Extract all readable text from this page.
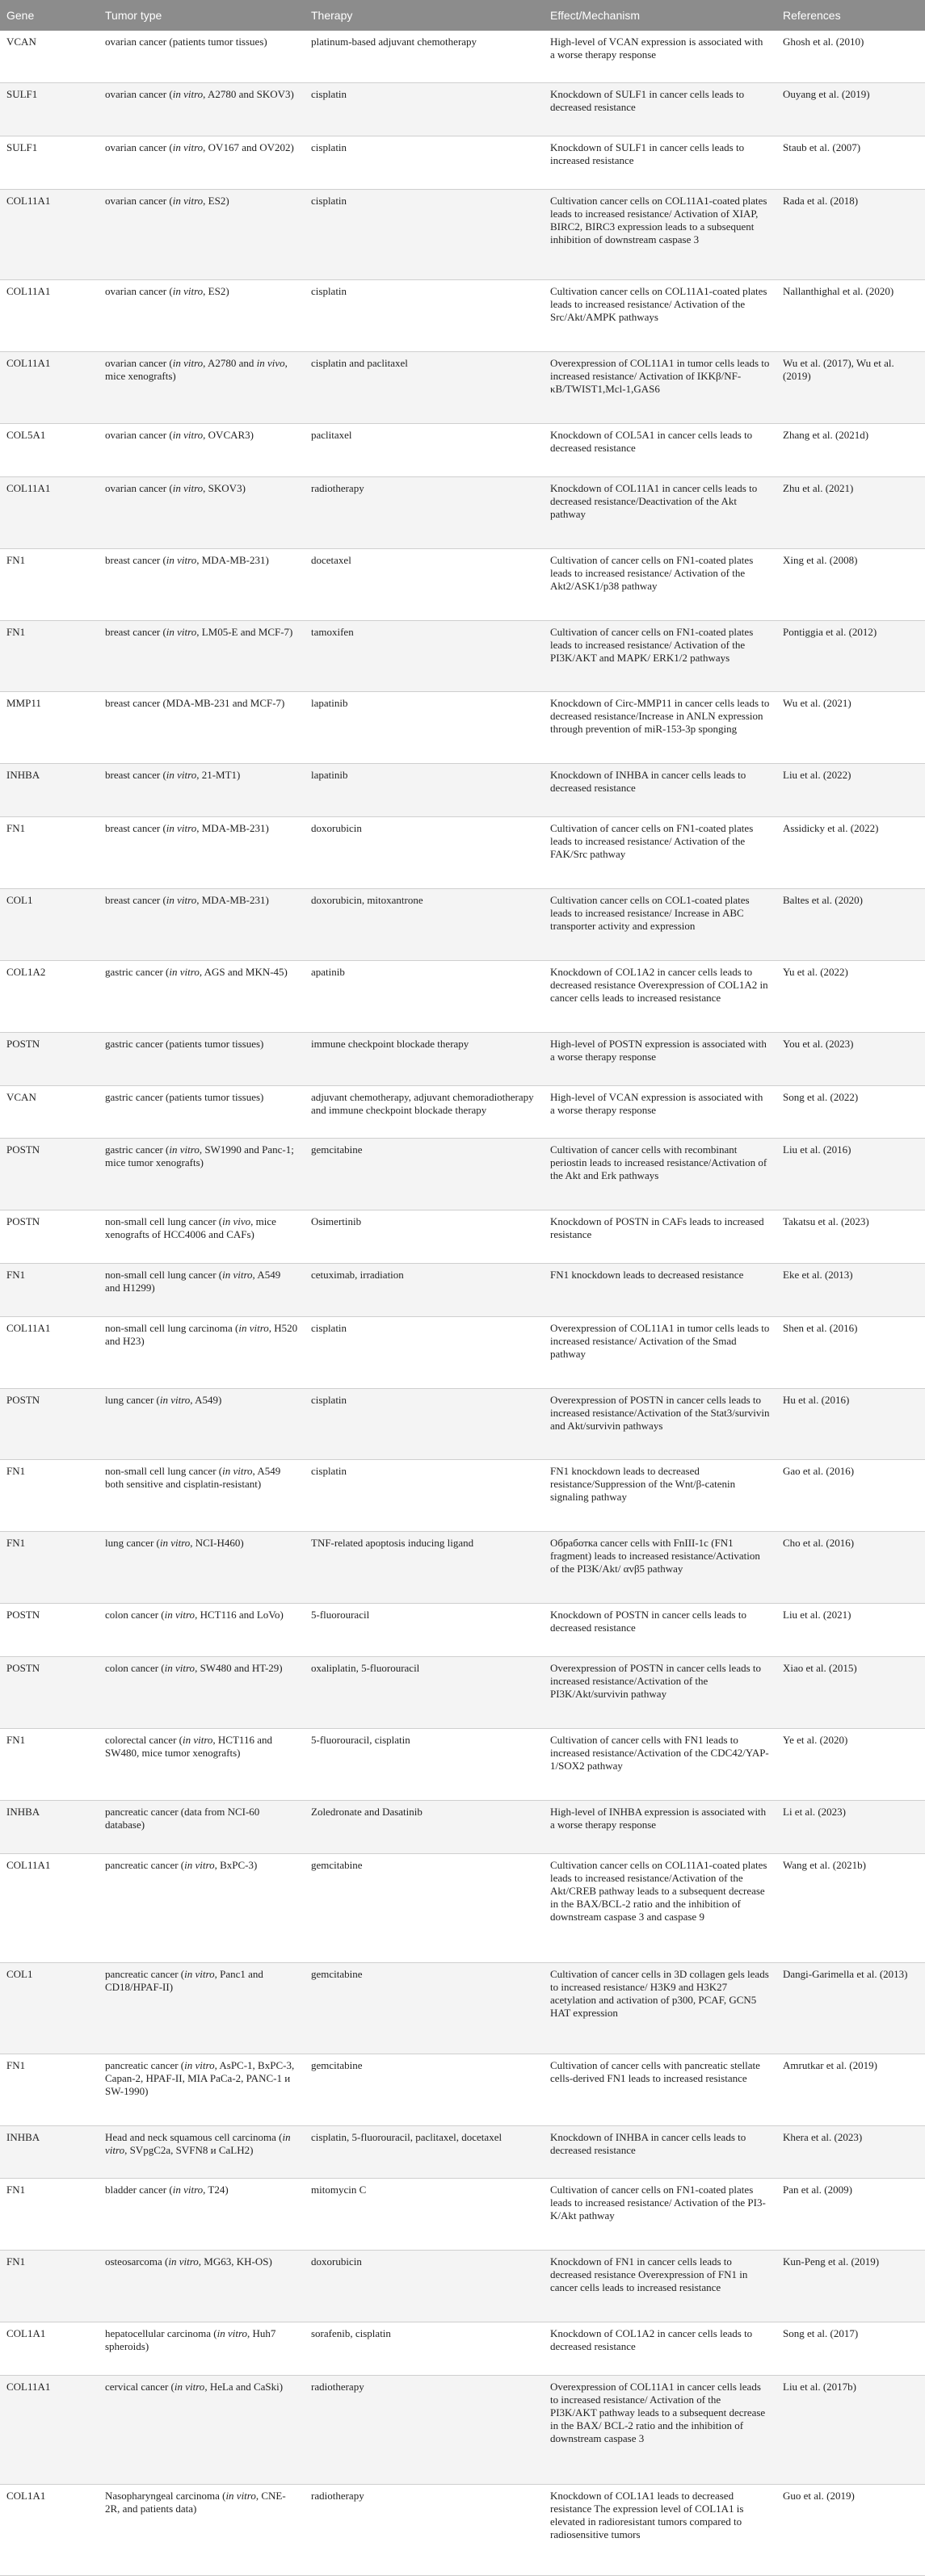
Gene	Tumor type	Therapy	Effect/Mechanism	References
VCAN	ovarian cancer (patients tumor tissues)	platinum-based adjuvant chemotherapy	High-level of VCAN expression is associated with a worse therapy response	Ghosh et al. (2010)
SULF1	ovarian cancer (in vitro, A2780 and SKOV3)	cisplatin	Knockdown of SULF1 in cancer cells leads to decreased resistance	Ouyang et al. (2019)
SULF1	ovarian cancer (in vitro, OV167 and OV202)	cisplatin	Knockdown of SULF1 in cancer cells leads to increased resistance	Staub et al. (2007)
COL11A1	ovarian cancer (in vitro, ES2)	cisplatin	Cultivation cancer cells on COL11A1-coated plates leads to increased resistance/ Activation of XIAP, BIRC2, BIRC3 expression leads to a subsequent inhibition of downstream caspase 3	Rada et al. (2018)
COL11A1	ovarian cancer (in vitro, ES2)	cisplatin	Cultivation cancer cells on COL11A1-coated plates leads to increased resistance/ Activation of the Src/Akt/AMPK pathways	Nallanthighal et al. (2020)
COL11A1	ovarian cancer (in vitro, A2780 and in vivo, mice xenografts)	cisplatin and paclitaxel	Overexpression of COL11A1 in tumor cells leads to increased resistance/ Activation of IKKβ/NF-κB/TWIST1,Mcl-1,GAS6	Wu et al. (2017), Wu et al. (2019)
COL5A1	ovarian cancer (in vitro, OVCAR3)	paclitaxel	Knockdown of COL5A1 in cancer cells leads to decreased resistance	Zhang et al. (2021d)
COL11A1	ovarian cancer (in vitro, SKOV3)	radiotherapy	Knockdown of COL11A1 in cancer cells leads to decreased resistance/Deactivation of the Akt pathway	Zhu et al. (2021)
FN1	breast cancer (in vitro, MDA-MB-231)	docetaxel	Cultivation of cancer cells on FN1-coated plates leads to increased resistance/ Activation of the Akt2/ASK1/p38 pathway	Xing et al. (2008)
FN1	breast cancer (in vitro, LM05-E and MCF-7)	tamoxifen	Cultivation of cancer cells on FN1-coated plates leads to increased resistance/ Activation of the PI3K/AKT and MAPK/ ERK1/2 pathways	Pontiggia et al. (2012)
MMP11	breast cancer (MDA-MB-231 and MCF-7)	lapatinib	Knockdown of Circ-MMP11 in cancer cells leads to decreased resistance/Increase in ANLN expression through prevention of miR-153-3p sponging	Wu et al. (2021)
INHBA	breast cancer (in vitro, 21-MT1)	lapatinib	Knockdown of INHBA in cancer cells leads to decreased resistance	Liu et al. (2022)
FN1	breast cancer (in vitro, MDA-MB-231)	doxorubicin	Cultivation of cancer cells on FN1-coated plates leads to increased resistance/ Activation of the FAK/Src pathway	Assidicky et al. (2022)
COL1	breast cancer (in vitro, MDA-MB-231)	doxorubicin, mitoxantrone	Cultivation cancer cells on COL1-coated plates leads to increased resistance/ Increase in ABC transporter activity and expression	Baltes et al. (2020)
COL1A2	gastric cancer (in vitro, AGS and MKN-45)	apatinib	Knockdown of COL1A2 in cancer cells leads to decreased resistance Overexpression of COL1A2 in cancer cells leads to increased resistance	Yu et al. (2022)
POSTN	gastric cancer (patients tumor tissues)	immune checkpoint blockade therapy	High-level of POSTN expression is associated with a worse therapy response	You et al. (2023)
VCAN	gastric cancer (patients tumor tissues)	adjuvant chemotherapy, adjuvant chemoradiotherapy and immune checkpoint blockade therapy	High-level of VCAN expression is associated with a worse therapy response	Song et al. (2022)
POSTN	gastric cancer (in vitro, SW1990 and Panc-1; mice tumor xenografts)	gemcitabine	Cultivation of cancer cells with recombinant periostin leads to increased resistance/Activation of the Akt and Erk pathways	Liu et al. (2016)
POSTN	non-small cell lung cancer (in vivo, mice xenografts of HCC4006 and CAFs)	Osimertinib	Knockdown of POSTN in CAFs leads to increased resistance	Takatsu et al. (2023)
FN1	non-small cell lung cancer (in vitro, A549 and H1299)	cetuximab, irradiation	FN1 knockdown leads to decreased resistance	Eke et al. (2013)
COL11A1	non-small cell lung carcinoma (in vitro, H520 and H23)	cisplatin	Overexpression of COL11A1 in tumor cells leads to increased resistance/ Activation of the Smad pathway	Shen et al. (2016)
POSTN	lung cancer (in vitro, A549)	cisplatin	Overexpression of POSTN in cancer cells leads to increased resistance/Activation of the Stat3/survivin and Akt/survivin pathways	Hu et al. (2016)
FN1	non-small cell lung cancer (in vitro, A549 both sensitive and cisplatin-resistant)	cisplatin	FN1 knockdown leads to decreased resistance/Suppression of the Wnt/β-catenin signaling pathway	Gao et al. (2016)
FN1	lung cancer (in vitro, NCI-H460)	TNF-related apoptosis inducing ligand	Обработка cancer cells with FnIII-1c (FN1 fragment) leads to increased resistance/Activation of the PI3K/Akt/ αvβ5 pathway	Cho et al. (2016)
POSTN	colon cancer (in vitro, HCT116 and LoVo)	5-fluorouracil	Knockdown of POSTN in cancer cells leads to decreased resistance	Liu et al. (2021)
POSTN	colon cancer (in vitro, SW480 and HT-29)	oxaliplatin, 5-fluorouracil	Overexpression of POSTN in cancer cells leads to increased resistance/Activation of the PI3K/Akt/survivin pathway	Xiao et al. (2015)
FN1	colorectal cancer (in vitro, HCT116 and SW480, mice tumor xenografts)	5-fluorouracil, cisplatin	Cultivation of cancer cells with FN1 leads to increased resistance/Activation of the CDC42/YAP-1/SOX2 pathway	Ye et al. (2020)
INHBA	pancreatic cancer (data from NCI-60 database)	Zoledronate and Dasatinib	High-level of INHBA expression is associated with a worse therapy response	Li et al. (2023)
COL11A1	pancreatic cancer (in vitro, BxPC-3)	gemcitabine	Cultivation cancer cells on COL11A1-coated plates leads to increased resistance/Activation of the Akt/CREB pathway leads to a subsequent decrease in the BAX/BCL-2 ratio and the inhibition of downstream caspase 3 and caspase 9	Wang et al. (2021b)
COL1	pancreatic cancer (in vitro, Panc1 and CD18/HPAF-II)	gemcitabine	Cultivation of cancer cells in 3D collagen gels leads to increased resistance/ H3K9 and H3K27 acetylation and activation of p300, PCAF, GCN5 HAT expression	Dangi-Garimella et al. (2013)
FN1	pancreatic cancer (in vitro, AsPC-1, BxPC-3, Capan-2, HPAF-II, MIA PaCa-2, PANC-1 и SW-1990)	gemcitabine	Cultivation of cancer cells with pancreatic stellate cells-derived FN1 leads to increased resistance	Amrutkar et al. (2019)
INHBA	Head and neck squamous cell carcinoma (in vitro, SVpgC2a, SVFN8 и CaLH2)	cisplatin, 5-fluorouracil, paclitaxel, docetaxel	Knockdown of INHBA in cancer cells leads to decreased resistance	Khera et al. (2023)
FN1	bladder cancer (in vitro, T24)	mitomycin C	Cultivation of cancer cells on FN1-coated plates leads to increased resistance/ Activation of the PI3-K/Akt pathway	Pan et al. (2009)
FN1	osteosarcoma (in vitro, MG63, KH-OS)	doxorubicin	Knockdown of FN1 in cancer cells leads to decreased resistance Overexpression of FN1 in cancer cells leads to increased resistance	Kun-Peng et al. (2019)
COL1A1	hepatocellular carcinoma (in vitro, Huh7 spheroids)	sorafenib, cisplatin	Knockdown of COL1A2 in cancer cells leads to decreased resistance	Song et al. (2017)
COL11A1	cervical cancer (in vitro, HeLa and CaSki)	radiotherapy	Overexpression of COL11A1 in cancer cells leads to increased resistance/ Activation of the PI3K/AKT pathway leads to a subsequent decrease in the BAX/ BCL-2 ratio and the inhibition of downstream caspase 3	Liu et al. (2017b)
COL1A1	Nasopharyngeal carcinoma (in vitro, CNE-2R, and patients data)	radiotherapy	Knockdown of COL1A1 leads to decreased resistance The expression level of COL1A1 is elevated in radioresistant tumors compared to radiosensitive tumors	Guo et al. (2019)
